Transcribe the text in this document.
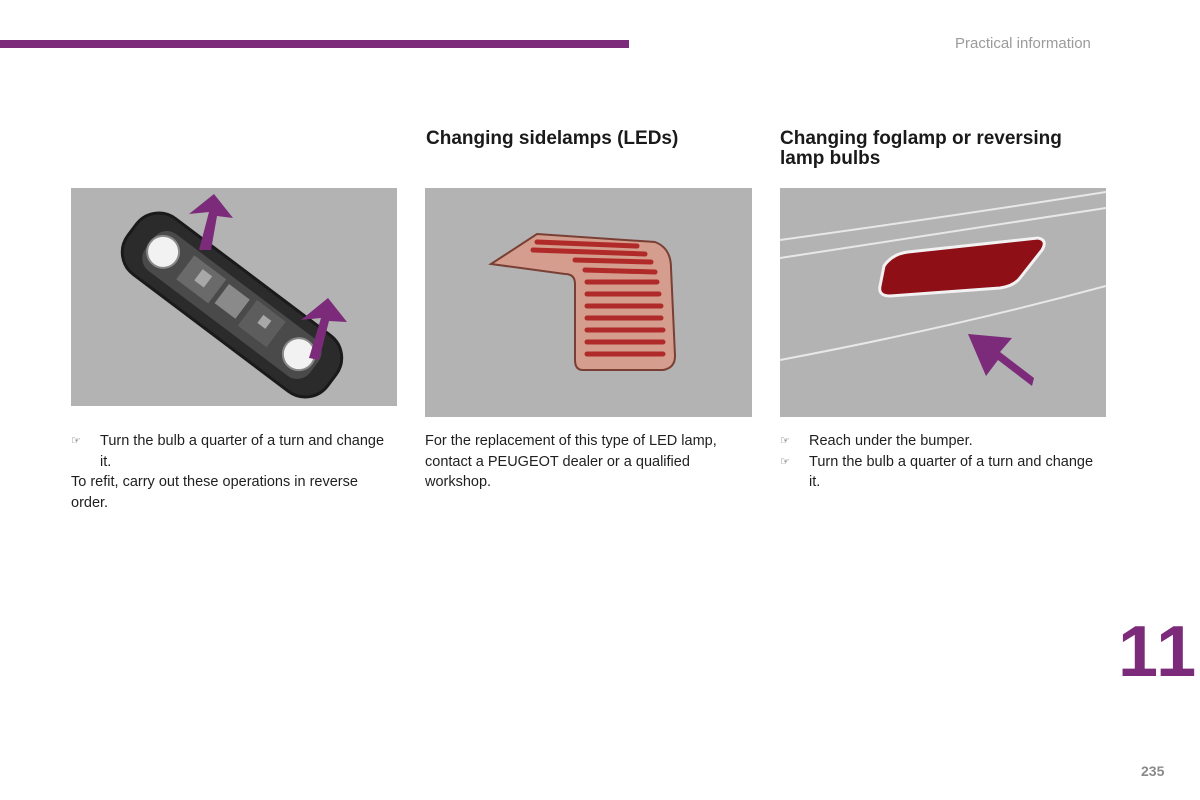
Practical information
☞ Turn the bulb a quarter of a turn and change it.

To refit, carry out these operations in reverse order.

Changing sidelamps (LEDs)

For the replacement of this type of LED lamp, contact a PEUGEOT dealer or a qualified workshop.

Changing foglamp or reversing lamp bulbs
☞ Reach under the bumper.
☞ Turn the bulb a quarter of a turn and change it.
11
235
